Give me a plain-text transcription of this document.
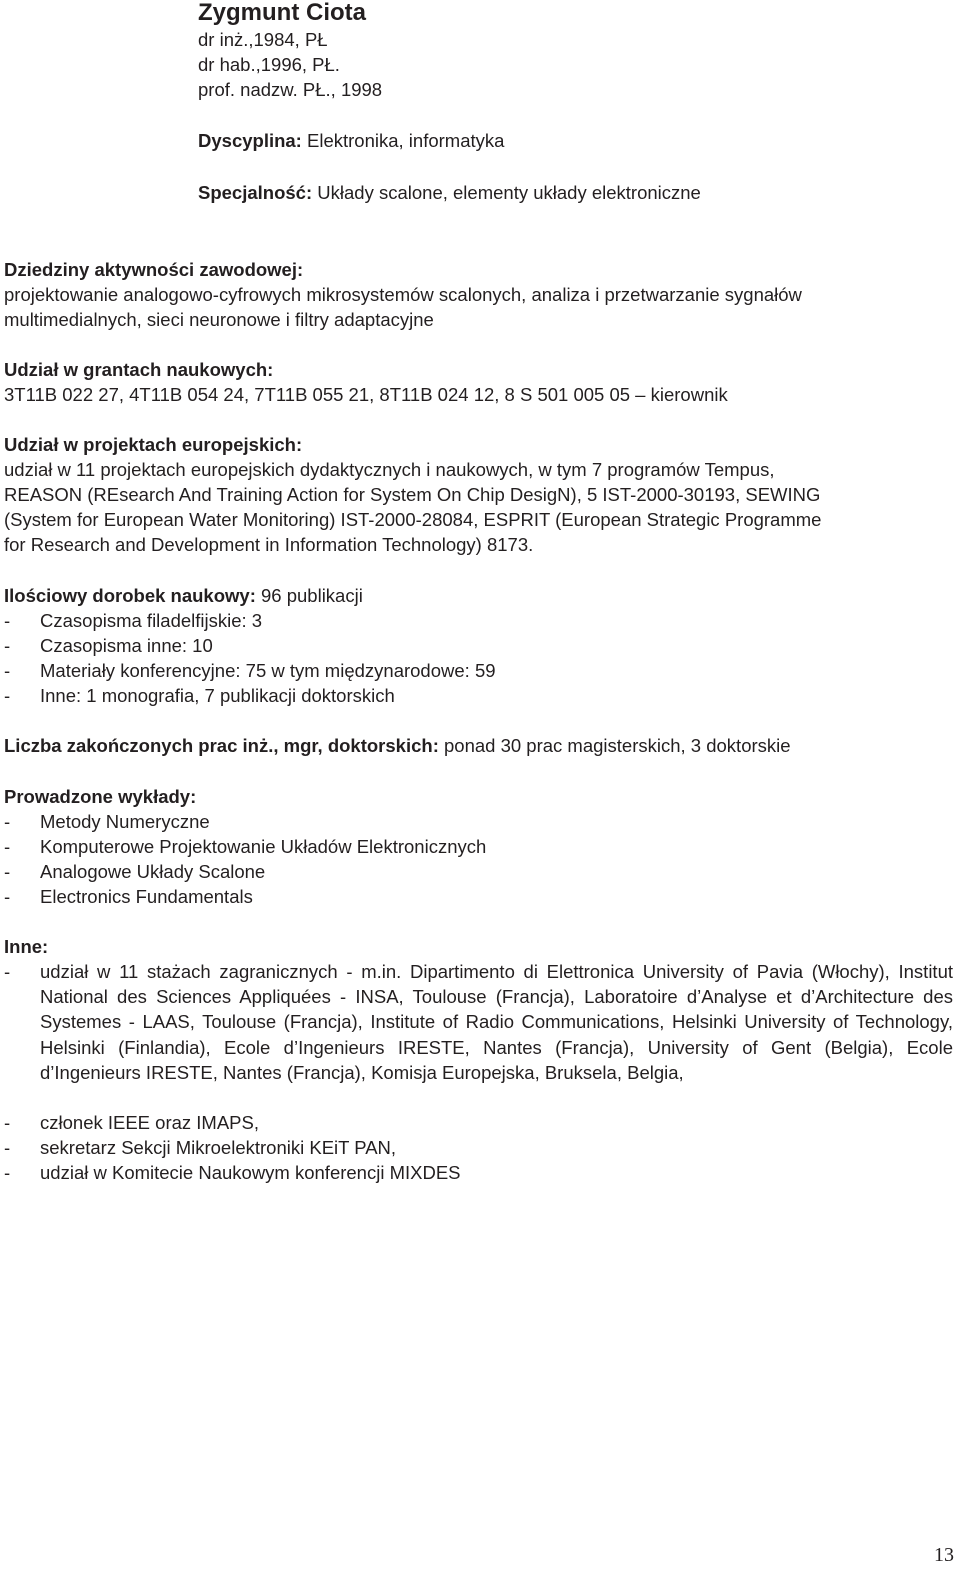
Zygmunt Ciota
dr inż.,1984, PŁ
dr hab.,1996, PŁ.
prof. nadzw. PŁ., 1998
Dyscyplina: Elektronika, informatyka
Specjalność: Układy scalone, elementy układy elektroniczne
Dziedziny aktywności zawodowej:
projektowanie analogowo-cyfrowych mikrosystemów scalonych, analiza i przetwarzanie sygnałów
multimedialnych, sieci neuronowe i filtry adaptacyjne
Udział w grantach naukowych:
3T11B 022 27, 4T11B 054 24, 7T11B 055 21, 8T11B 024 12, 8 S 501 005 05 – kierownik
Udział w projektach europejskich:
udział w 11 projektach europejskich dydaktycznych i naukowych, w tym 7 programów Tempus,
REASON (REsearch And Training Action for System On Chip DesigN), 5 IST-2000-30193, SEWING
(System for European Water Monitoring) IST-2000-28084, ESPRIT (European Strategic Programme
for Research and Development in Information Technology) 8173.
Ilościowy dorobek naukowy: 96 publikacji
- Czasopisma filadelfijskie: 3
- Czasopisma inne: 10
- Materiały konferencyjne: 75 w tym międzynarodowe: 59
- Inne: 1 monografia, 7 publikacji doktorskich
Liczba zakończonych prac inż., mgr, doktorskich: ponad 30 prac magisterskich, 3 doktorskie
Prowadzone wykłady:
- Metody Numeryczne
- Komputerowe Projektowanie Układów Elektronicznych
- Analogowe Układy Scalone
- Electronics Fundamentals
Inne:
- udział w 11 stażach zagranicznych - m.in. Dipartimento di Elettronica University of Pavia (Włochy), Institut National des Sciences Appliquées - INSA, Toulouse (Francja), Laboratoire d’Analyse et d’Architecture des Systemes - LAAS, Toulouse (Francja), Institute of Radio Communications, Helsinki University of Technology, Helsinki (Finlandia), Ecole d’Ingenieurs IRESTE, Nantes (Francja), University of Gent (Belgia), Ecole d’Ingenieurs IRESTE, Nantes (Francja), Komisja Europejska, Bruksela, Belgia,
- członek IEEE oraz IMAPS,
- sekretarz Sekcji Mikroelektroniki KEiT PAN,
- udział w Komitecie Naukowym konferencji MIXDES
13
